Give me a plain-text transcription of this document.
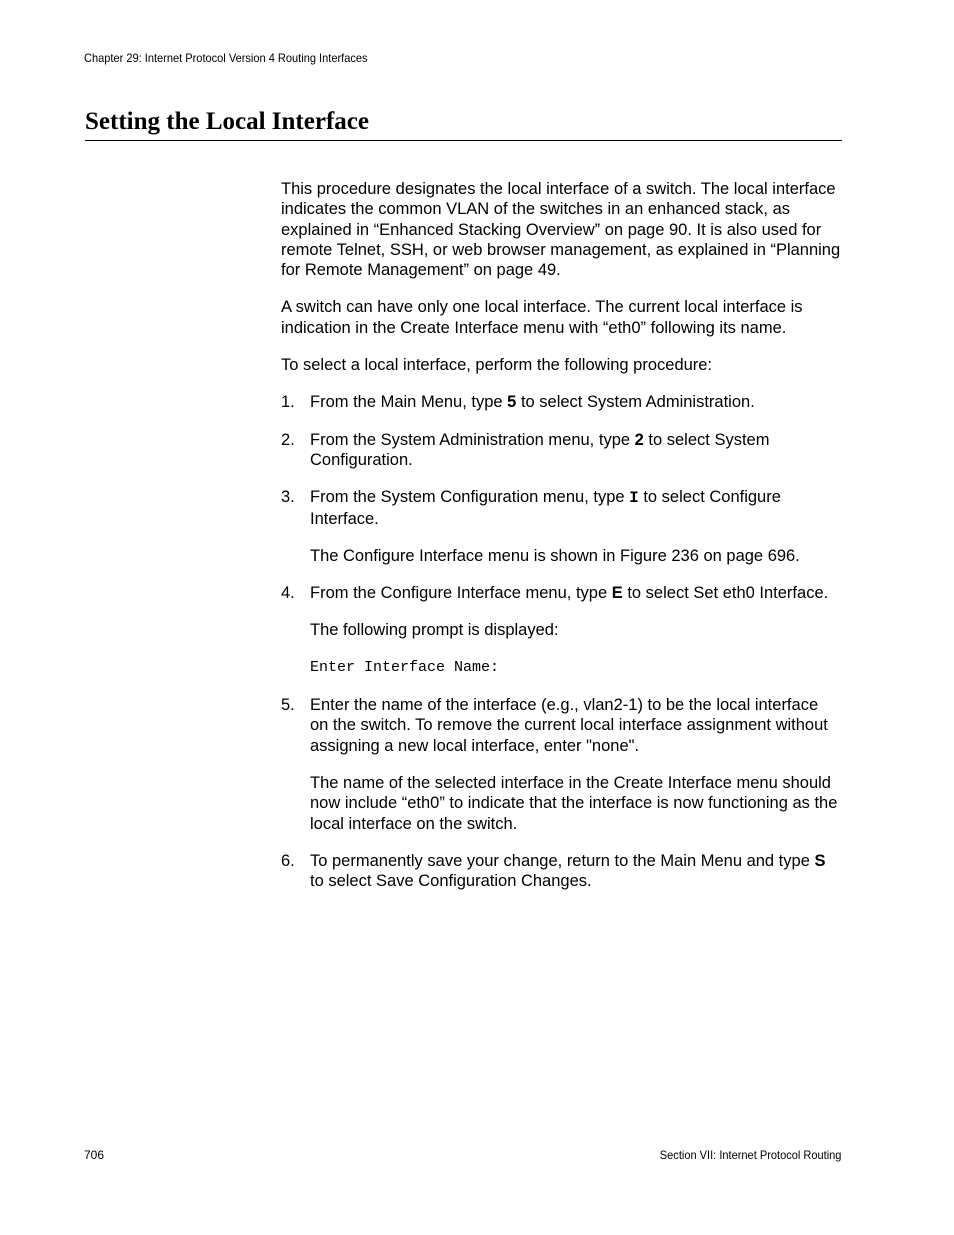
Chapter 29: Internet Protocol Version 4 Routing Interfaces
Setting the Local Interface

This procedure designates the local interface of a switch. The local interface indicates the common VLAN of the switches in an enhanced stack, as explained in “Enhanced Stacking Overview” on page 90. It is also used for remote Telnet, SSH, or web browser management, as explained in “Planning for Remote Management” on page 49.

A switch can have only one local interface. The current local interface is indication in the Create Interface menu with “eth0” following its name.

To select a local interface, perform the following procedure:

1. From the Main Menu, type 5 to select System Administration.

2. From the System Administration menu, type 2 to select System Configuration.

3. From the System Configuration menu, type I to select Configure Interface.

The Configure Interface menu is shown in Figure 236 on page 696.

4. From the Configure Interface menu, type E to select Set eth0 Interface.

The following prompt is displayed:

Enter Interface Name:

5. Enter the name of the interface (e.g., vlan2-1) to be the local interface on the switch. To remove the current local interface assignment without assigning a new local interface, enter "none".

The name of the selected interface in the Create Interface menu should now include “eth0” to indicate that the interface is now functioning as the local interface on the switch.

6. To permanently save your change, return to the Main Menu and type S to select Save Configuration Changes.

706	Section VII: Internet Protocol Routing
